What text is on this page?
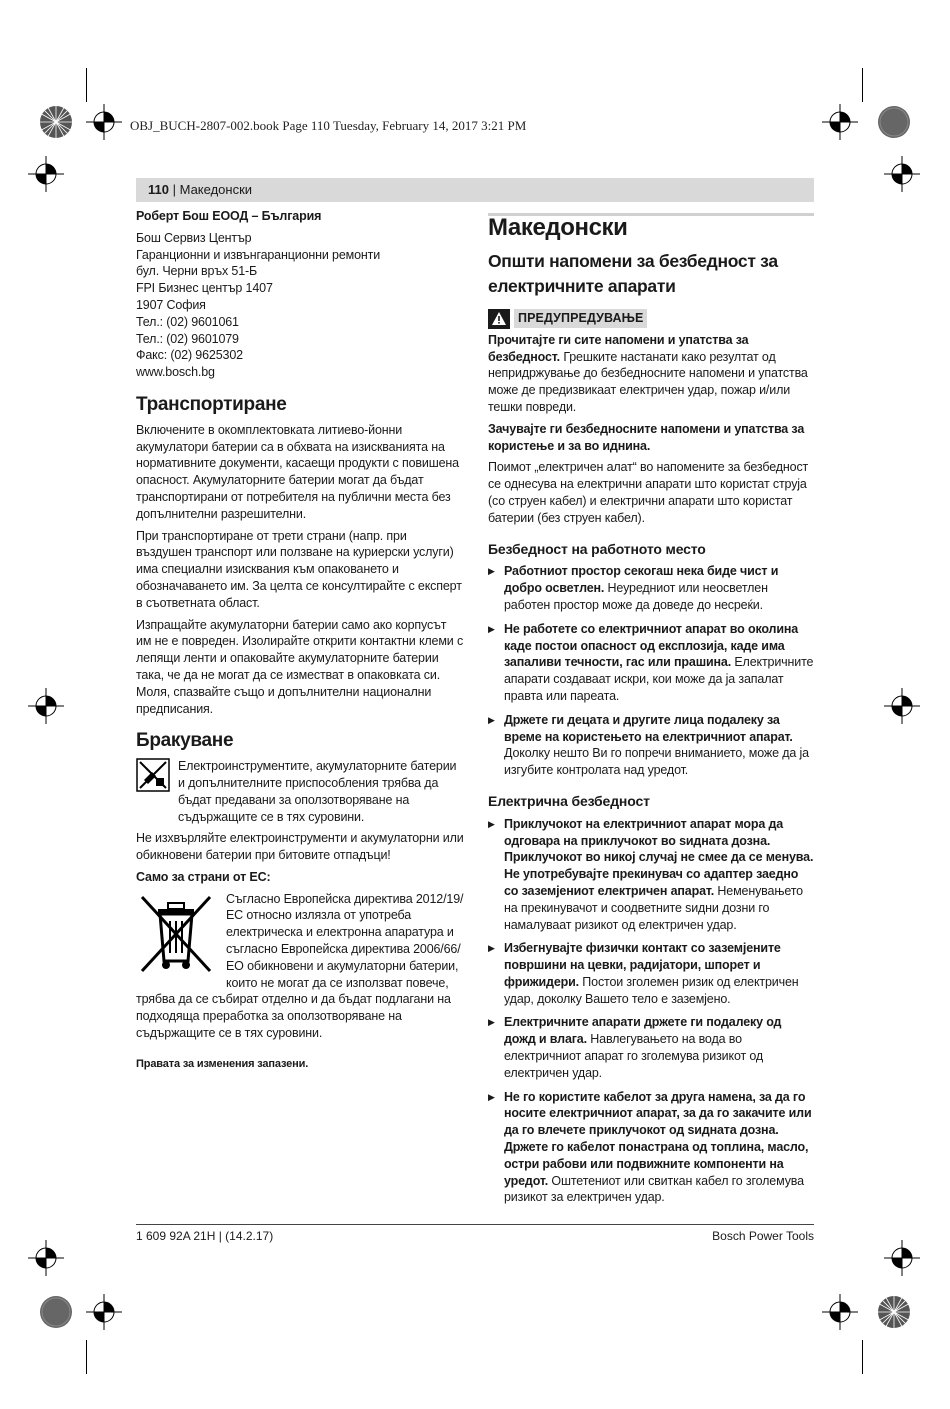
OBJ_BUCH-2807-002.book Page 110 Tuesday, February 14, 2017 3:21 PM
110 | Македонски

Роберт Бош ЕООД – България

Бош Сервиз Център
Гаранционни и извънгаранционни ремонти
бул. Черни връх 51-Б
FPI Бизнес център 1407
1907 София
Тел.: (02) 9601061
Тел.: (02) 9601079
Факс: (02) 9625302
www.bosch.bg
Транспортиране

Включените в окомплектовката литиево-йонни акумулатори батерии са в обхвата на изискванията на нормативните документи, касаещи продукти с повишена опасност. Акумулаторните батерии могат да бъдат транспортирани от потребителя на публични места без допълнителни разрешителни.

При транспортиране от трети страни (напр. при въздушен транспорт или ползване на куриерски услуги) има специални изисквания към опаковането и обозначаването им. За целта се консултирайте с експерт в съответната област.

Изпращайте акумулаторни батерии само ако корпусът им не е повреден. Изолирайте открити контактни клеми с лепящи ленти и опаковайте акумулаторните батерии така, че да не могат да се изместват в опаковката си.

Моля, спазвайте също и допълнителни национални предписания.

Бракуване
Електроинструментите, акумулаторните батерии и допълнителните приспособления трябва да бъдат предавани за оползотворяване на съдържащите се в тях суровини.

Не изхвърляйте електроинструменти и акумулаторни или обикновени батерии при битовите отпадъци!

Само за страни от ЕС:

Съгласно Европейска директива 2012/19/ЕС относно излязла от употреба електрическа и електронна апаратура и съгласно Европейска директива 2006/66/ЕО обикновени и акумулаторни батерии, които не могат да се използват повече, трябва да се събират отделно и да бъдат подлагани на подходяща преработка за оползотворяване на съдържащите се в тях суровини.

Правата за изменения запазени.

Македонски
Општи напомени за безбедност за електричните апарати
ПРЕДУПРЕДУВАЊЕ
Прочитајте ги сите напомени и упатства за безбедност. Грешките настанати како резултат од непридржување до безбедносните напомени и упатства може де предизвикаат електричен удар, пожар и/или тешки повреди.

Зачувајте ги безбедносните напомени и упатства за користење и за во иднина.

Поимот „електричен алат“ во напомените за безбедност се однесува на електрични апарати што користат струја (со струен кабел) и електрични апарати што користат батерии (без струен кабел).

Безбедност на работното место
▶ Работниот простор секогаш нека биде чист и добро осветлен. Неуредниот или неосветлен работен простор може да доведе до несреќи.
▶ Не работете со електричниот апарат во околина каде постои опасност од експлозија, каде има запаливи течности, гас или прашина. Електричните апарати создаваат искри, кои може да ја запалат правта или пареата.
▶ Држете ги децата и другите лица подалеку за време на користењето на електричниот апарат. Доколку нешто Ви го попречи вниманието, може да ја изгубите контролата над уредот.
Електрична безбедност
▶ Приклучокот на електричниот апарат мора да одговара на приклучокот во ѕидната дозна. Приклучокот во никој случај не смее да се менува. Не употребувајте прекинувач со адаптер заедно со заземјениот електричен апарат. Неменувањето на прекинувачот и соодветните ѕидни дозни го намалуваат ризикот од електричен удар.
▶ Избегнувајте физички контакт со заземјените површини на цевки, радијатори, шпорет и фрижидери. Постои зголемен ризик од електричен удар, доколку Вашето тело е заземјено.
▶ Електричните апарати држете ги подалеку од дожд и влага. Навлегувањето на вода во електричниот апарат го зголемува ризикот од електричен удар.
▶ Не го користите кабелот за друга намена, за да го носите електричниот апарат, за да го закачите или да го влечете приклучокот од ѕидната дозна. Држете го кабелот понастрана од топлина, масло, остри рабови или подвижните компоненти на уредот. Оштетениот или свиткан кабел го зголемува ризикот за електричен удар.
1 609 92A 21H | (14.2.17)	Bosch Power Tools
